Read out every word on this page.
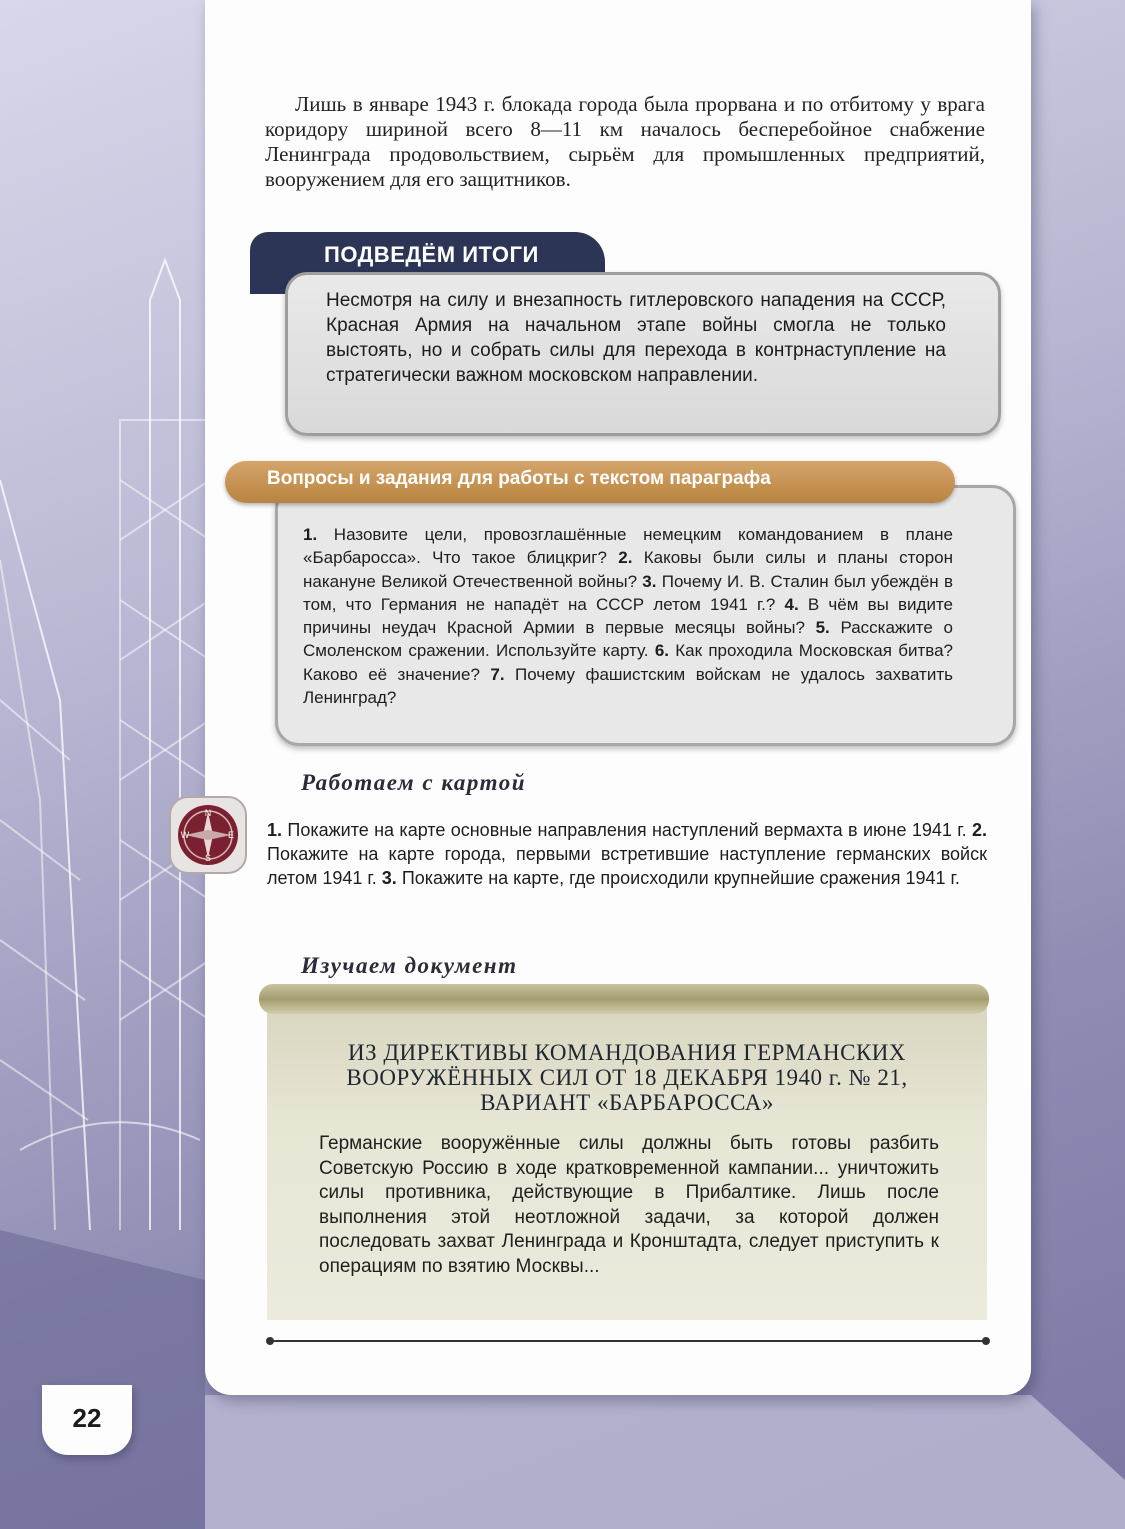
Лишь в январе 1943 г. блокада города была прорвана и по отбитому у врага коридору шириной всего 8—11 км началось бесперебойное снабжение Ленинграда продовольствием, сырьём для промышленных предприятий, вооружением для его защитников.

ПОДВЕДЁМ ИТОГИ

Несмотря на силу и внезапность гитлеровского нападения на СССР, Красная Армия на начальном этапе войны смогла не только выстоять, но и собрать силы для перехода в контрнаступление на стратегически важном московском направлении.

1. Назовите цели, провозглашённые немецким командованием в плане «Барбаросса». Что такое блицкриг? 2. Каковы были силы и планы сторон накануне Великой Отечественной войны? 3. Почему И. В. Сталин был убеждён в том, что Германия не нападёт на СССР летом 1941 г.? 4. В чём вы видите причины неудач Красной Армии в первые месяцы войны? 5. Расскажите о Смоленском сражении. Используйте карту. 6. Как проходила Московская битва? Каково её значение? 7. Почему фашистским войскам не удалось захватить Ленинград?

Вопросы и задания для работы с текстом параграфа
Работаем с картой

1. Покажите на карте основные направления наступлений вермахта в июне 1941 г. 2. Покажите на карте города, первыми встретившие наступление германских войск летом 1941 г. 3. Покажите на карте, где происходили крупнейшие сражения 1941 г.

Изучаем документ

ИЗ ДИРЕКТИВЫ КОМАНДОВАНИЯ ГЕРМАНСКИХ
ВООРУЖЁННЫХ СИЛ ОТ 18 ДЕКАБРЯ 1940 г. № 21,
ВАРИАНТ «БАРБАРОССА»

Германские вооружённые силы должны быть готовы разбить Советскую Россию в ходе кратковременной кампании... уничтожить силы противника, действующие в Прибалтике. Лишь после выполнения этой неотложной задачи, за которой должен последовать захват Ленинграда и Кронштадта, следует приступить к операциям по взятию Москвы...

N
S
E
W
22
